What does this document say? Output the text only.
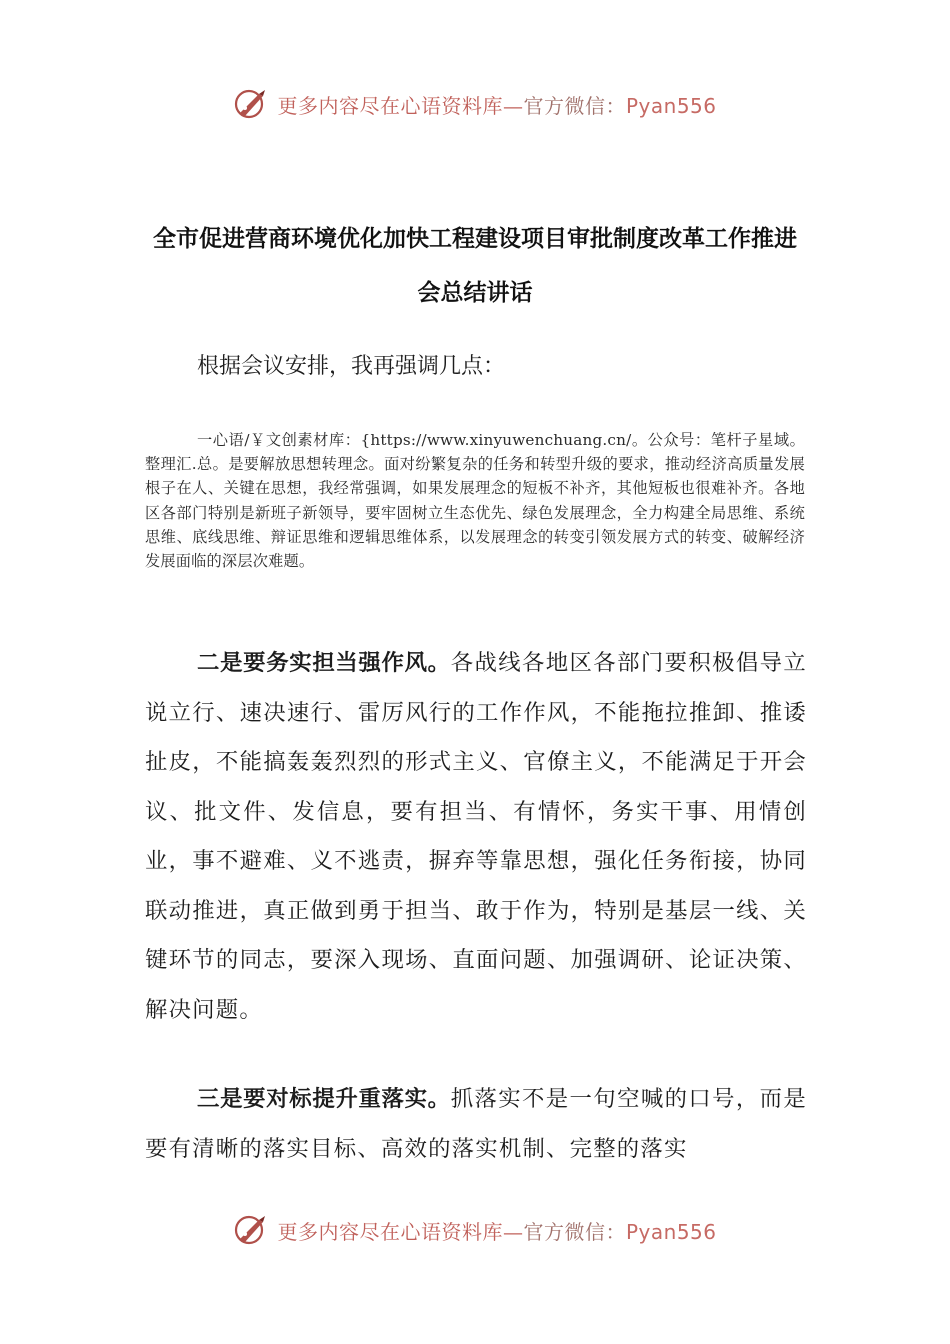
更多内容尽在心语资料库—官方微信：Pyan556
全市促进营商环境优化加快工程建设项目审批制度改革工作推进会总结讲话
根据会议安排，我再强调几点：
一心语/￥文创素材库：{https://www.xinyuwenchuang.cn/。公众号：笔杆子星域。整理汇.总。是要解放思想转理念。面对纷繁复杂的任务和转型升级的要求，推动经济高质量发展根子在人、关键在思想，我经常强调，如果发展理念的短板不补齐，其他短板也很难补齐。各地区各部门特别是新班子新领导，要牢固树立生态优先、绿色发展理念，全力构建全局思维、系统思维、底线思维、辩证思维和逻辑思维体系，以发展理念的转变引领发展方式的转变、破解经济发展面临的深层次难题。
二是要务实担当强作风。各战线各地区各部门要积极倡导立说立行、速决速行、雷厉风行的工作作风，不能拖拉推卸、推诿扯皮，不能搞轰轰烈烈的形式主义、官僚主义，不能满足于开会议、批文件、发信息，要有担当、有情怀，务实干事、用情创业，事不避难、义不逃责，摒弃等靠思想，强化任务衔接，协同联动推进，真正做到勇于担当、敢于作为，特别是基层一线、关键环节的同志，要深入现场、直面问题、加强调研、论证决策、解决问题。
三是要对标提升重落实。抓落实不是一句空喊的口号，而是要有清晰的落实目标、高效的落实机制、完整的落实
更多内容尽在心语资料库—官方微信：Pyan556
